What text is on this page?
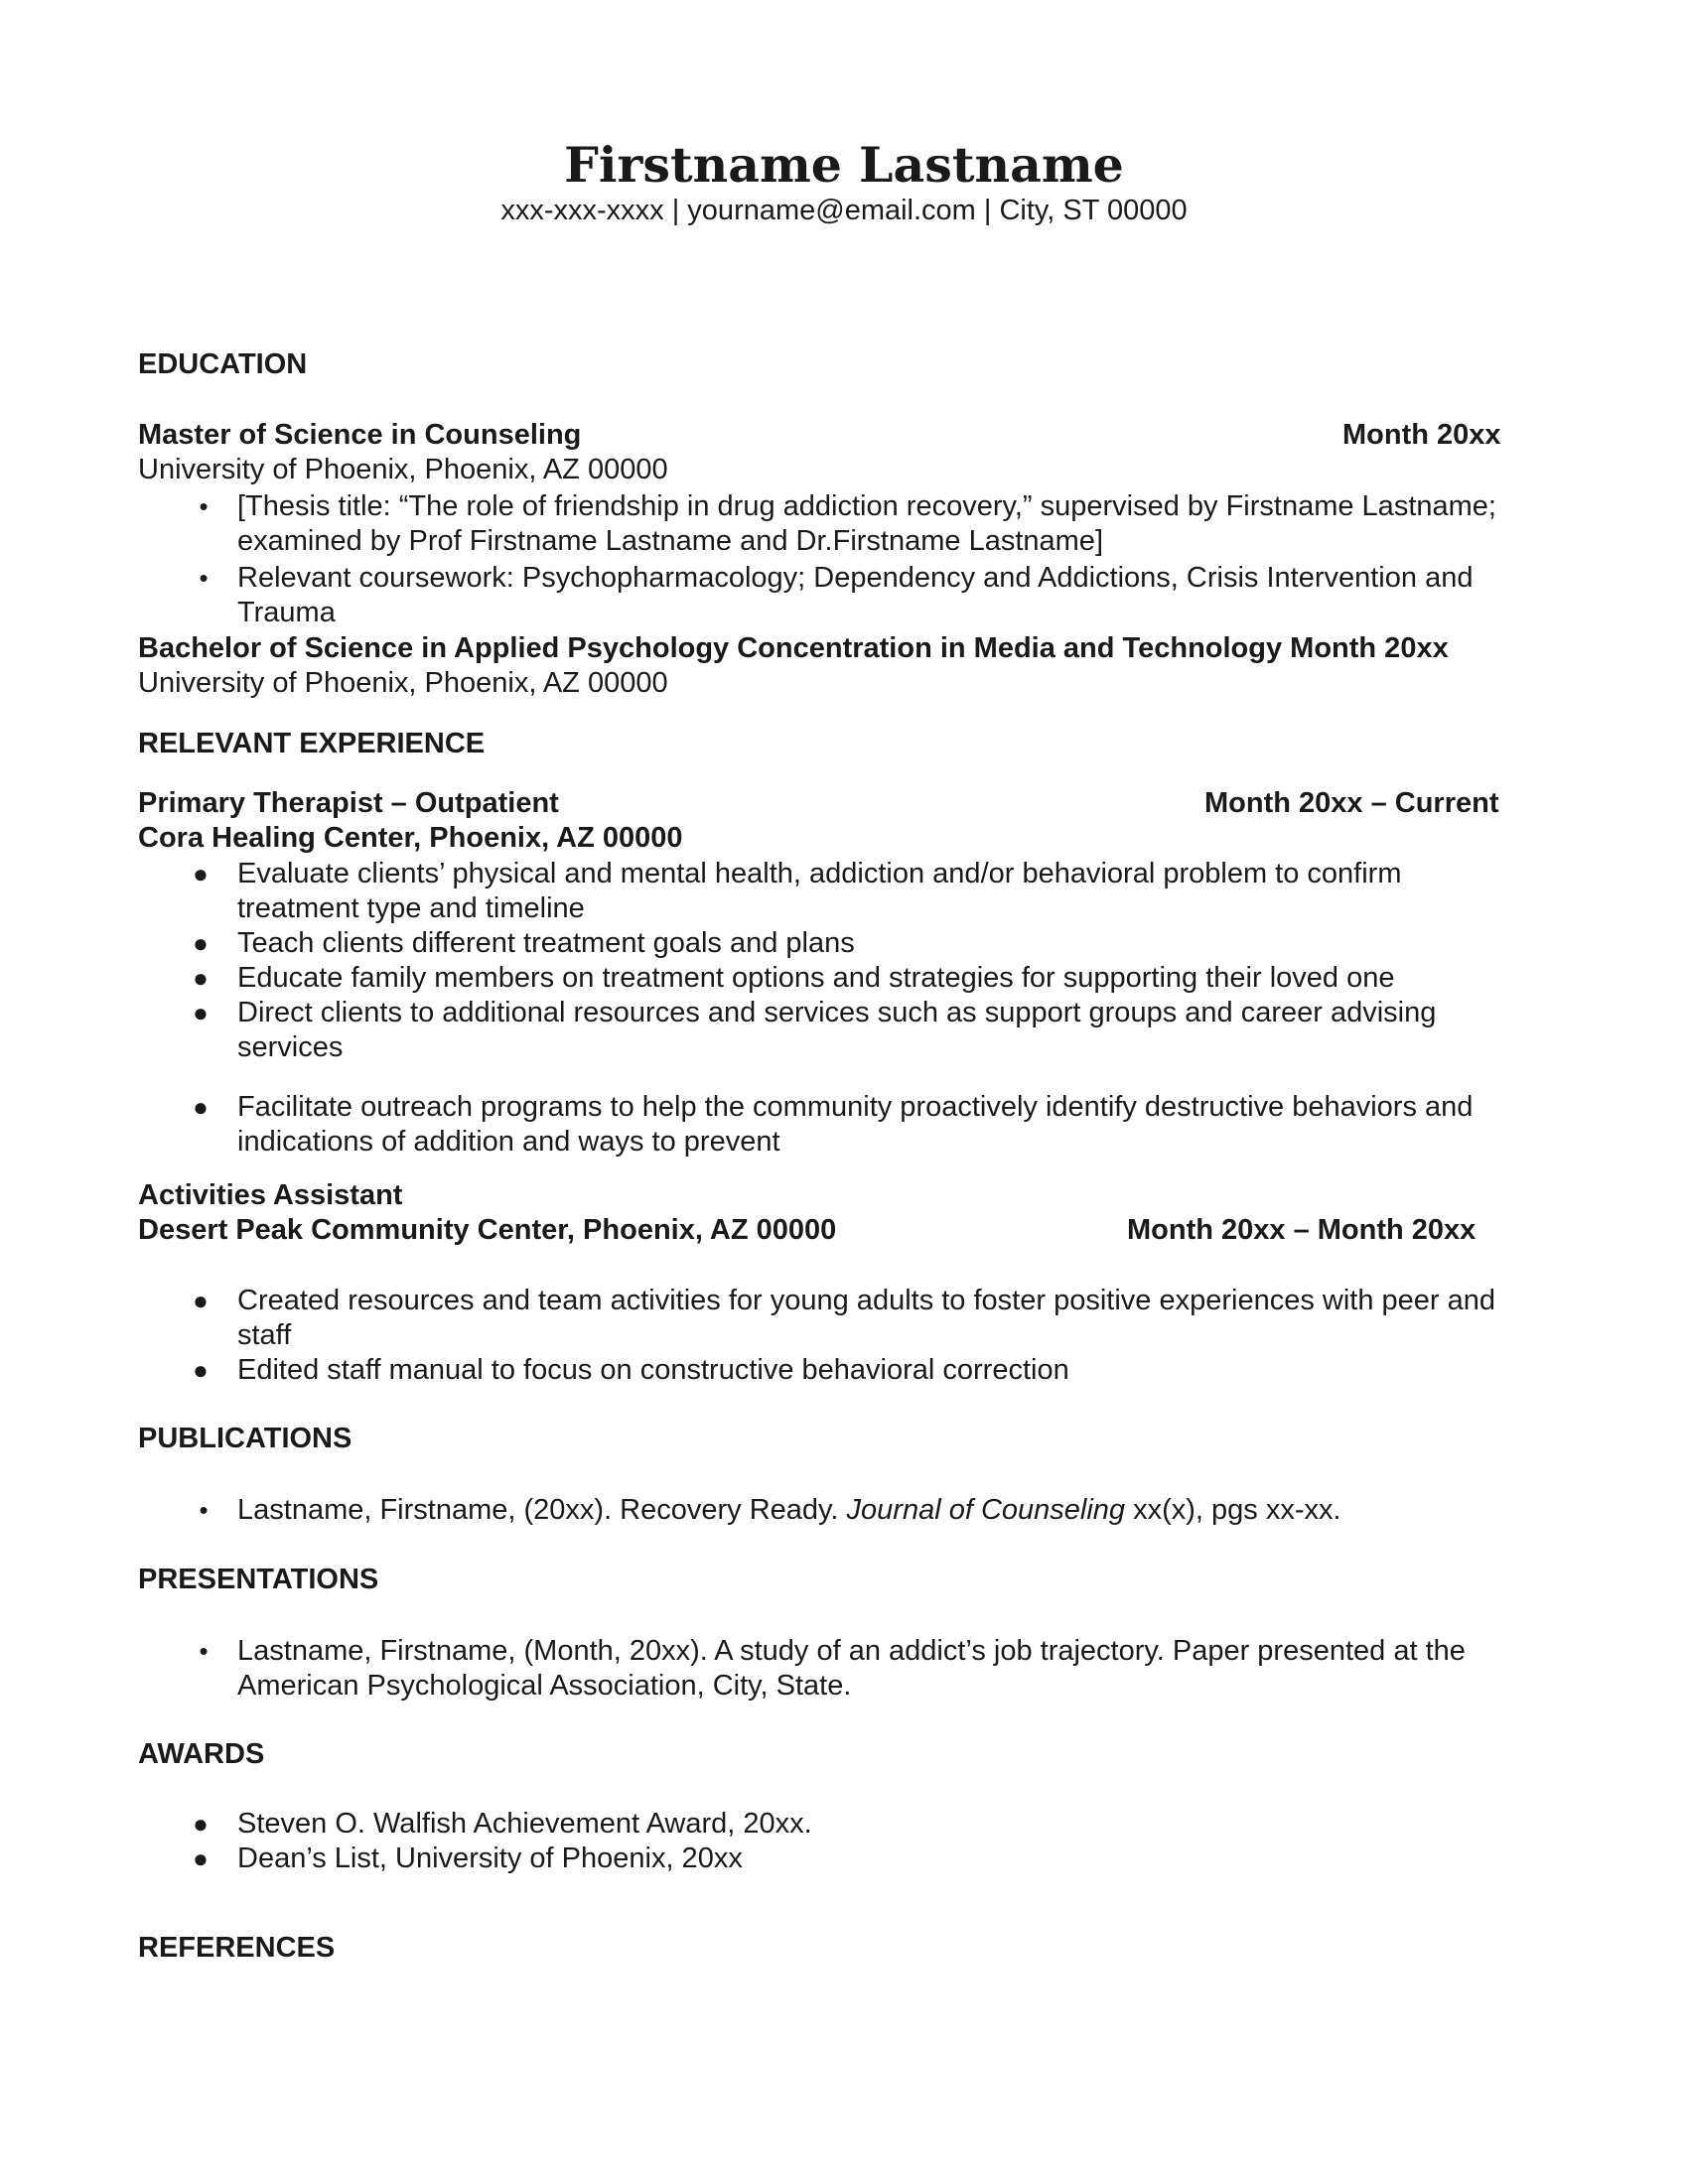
Firstname Lastname
xxx-xxx-xxxx | yourname@email.com | City, ST 00000
EDUCATION
Master of Science in Counseling	Month 20xx
University of Phoenix, Phoenix, AZ 00000
• [Thesis title: “The role of friendship in drug addiction recovery,” supervised by Firstname Lastname; examined by Prof Firstname Lastname and Dr.Firstname Lastname]
• Relevant coursework: Psychopharmacology; Dependency and Addictions, Crisis Intervention and Trauma
Bachelor of Science in Applied Psychology Concentration in Media and Technology Month 20xx
University of Phoenix, Phoenix, AZ 00000
RELEVANT EXPERIENCE
Primary Therapist – Outpatient	Month 20xx – Current
Cora Healing Center, Phoenix, AZ 00000
● Evaluate clients’ physical and mental health, addiction and/or behavioral problem to confirm treatment type and timeline
● Teach clients different treatment goals and plans
● Educate family members on treatment options and strategies for supporting their loved one
● Direct clients to additional resources and services such as support groups and career advising services
● Facilitate outreach programs to help the community proactively identify destructive behaviors and indications of addition and ways to prevent
Activities Assistant
Desert Peak Community Center, Phoenix, AZ 00000	Month 20xx – Month 20xx
● Created resources and team activities for young adults to foster positive experiences with peer and staff
● Edited staff manual to focus on constructive behavioral correction
PUBLICATIONS
• Lastname, Firstname, (20xx). Recovery Ready. Journal of Counseling xx(x), pgs xx-xx.
PRESENTATIONS
• Lastname, Firstname, (Month, 20xx). A study of an addict’s job trajectory. Paper presented at the American Psychological Association, City, State.
AWARDS
● Steven O. Walfish Achievement Award, 20xx.
● Dean’s List, University of Phoenix, 20xx
REFERENCES
